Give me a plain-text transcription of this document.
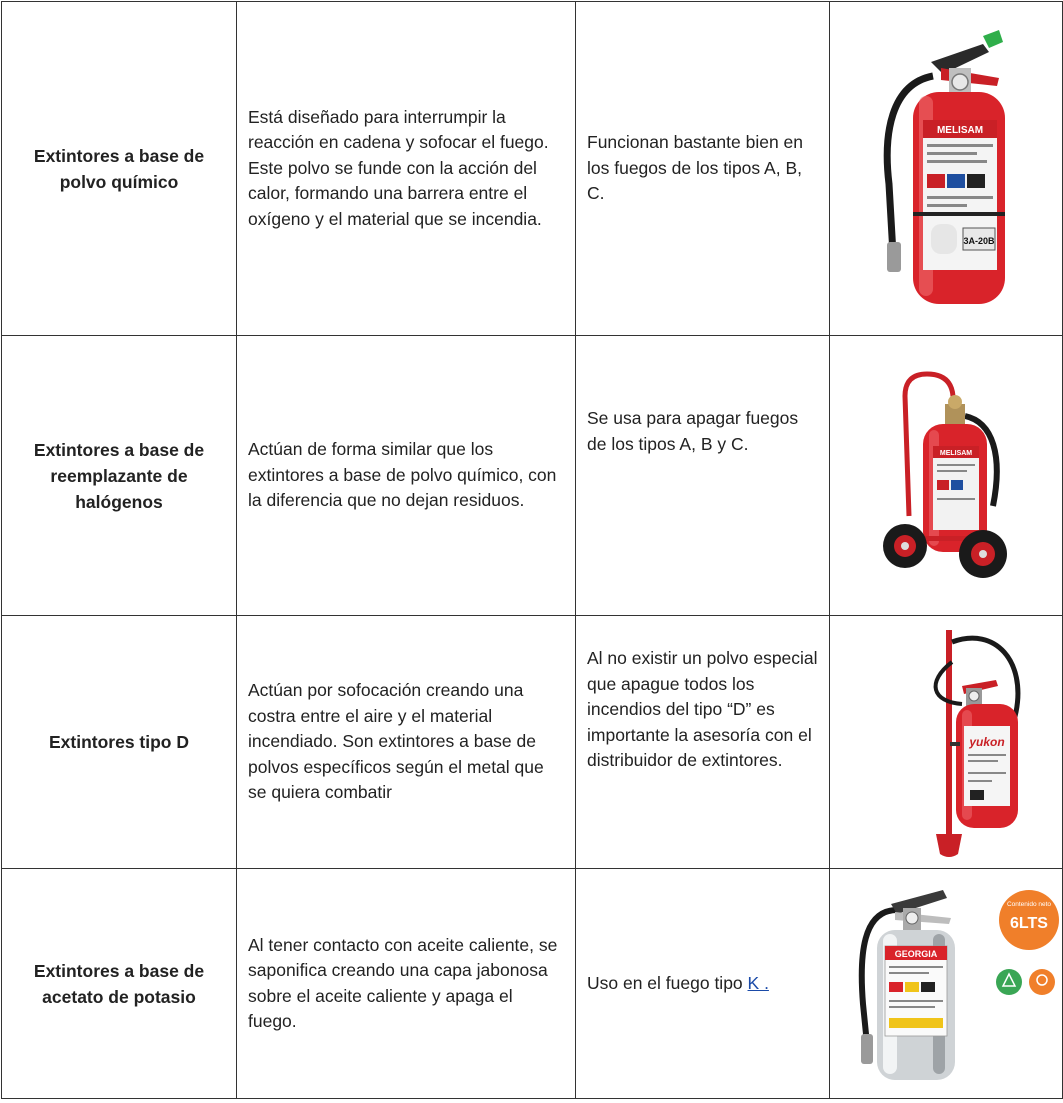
Extintores a base de polvo químico	Está diseñado para interrumpir la reacción en cadena y sofocar el fuego. Este polvo se funde con la acción del calor, formando una barrera entre el oxígeno y el material que se incendia.	Funcionan bastante bien en los fuegos de los tipos A, B, C.	MELISAM
3A-20B

Extintores a base de reemplazante de halógenos	Actúan de forma similar que los extintores a base de polvo químico, con la diferencia que no dejan residuos.	Se usa para apagar fuegos de los tipos A, B y C.	MELISAM

Extintores tipo D	Actúan por sofocación creando una costra entre el aire y el material incendiado. Son extintores a base de polvos específicos según el metal que se quiera combatir	Al no existir un polvo especial que apague todos los incendios del tipo “D” es importante la asesoría con el distribuidor de extintores.	yukon

Extintores a base de acetato de potasio	Al tener contacto con aceite caliente, se saponifica creando una capa jabonosa sobre el aceite caliente y apaga el fuego.	Uso en el fuego tipo K .	GEORGIA
Contenido neto
6LTS
